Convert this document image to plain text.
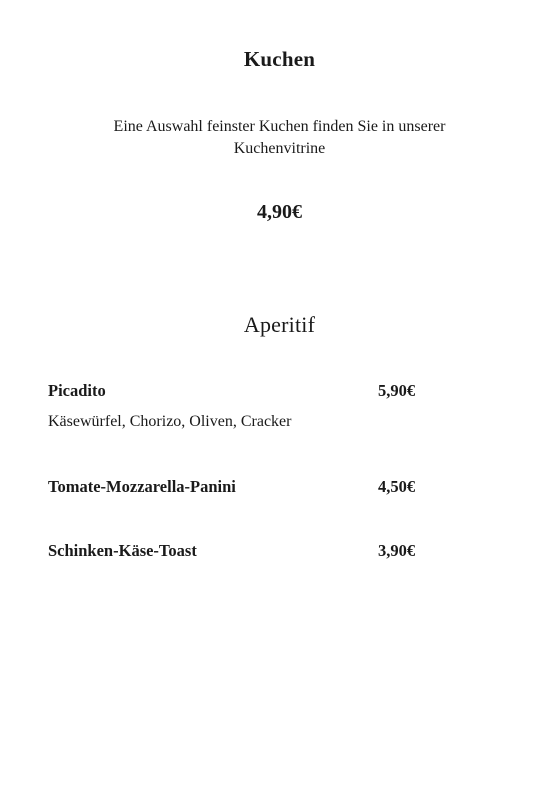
Kuchen
Eine Auswahl feinster Kuchen finden Sie in unserer
Kuchenvitrine
4,90€
Aperitif
Picadito	5,90€
Käsewürfel, Chorizo, Oliven, Cracker
Tomate-Mozzarella-Panini	4,50€
Schinken-Käse-Toast	3,90€
